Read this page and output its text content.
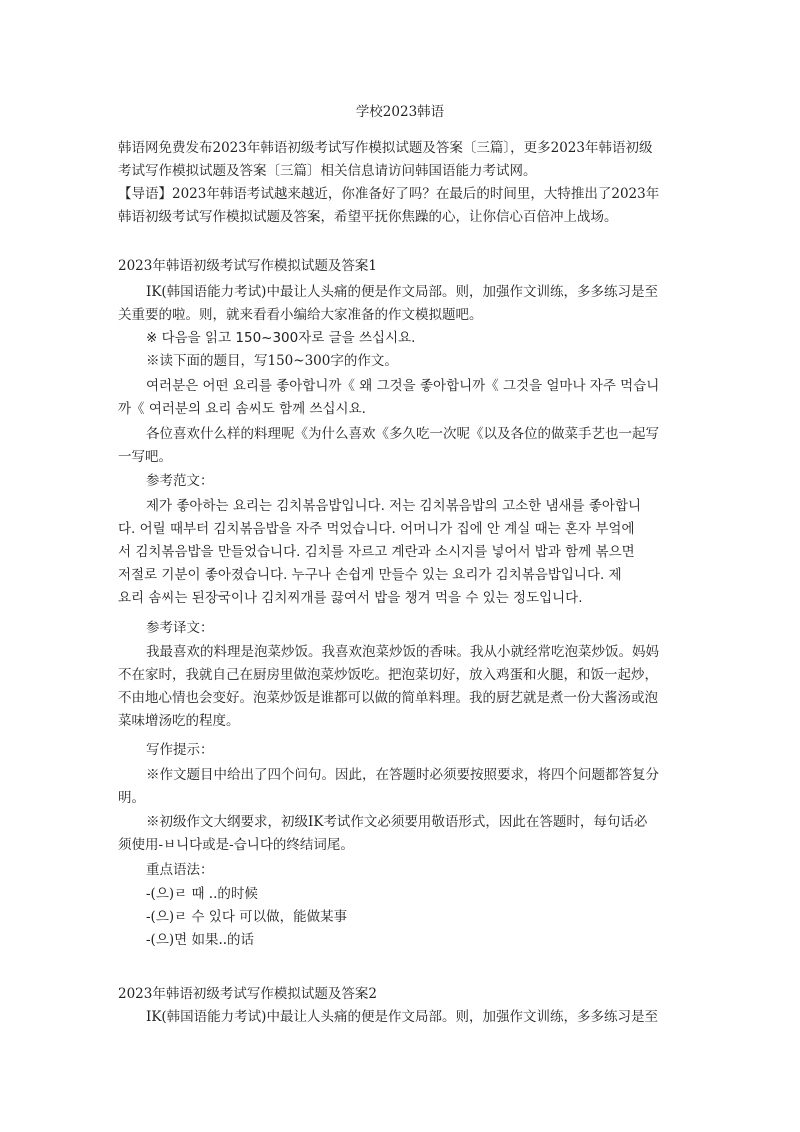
学校2023韩语
韩语网免费发布2023年韩语初级考试写作模拟试题及答案〔三篇〕，更多2023年韩语初级
考试写作模拟试题及答案〔三篇〕相关信息请访问韩国语能力考试网。
【导语】2023年韩语考试越来越近，你准备好了吗？在最后的时间里，大特推出了2023年
韩语初级考试写作模拟试题及答案，希望平抚你焦躁的心，让你信心百倍冲上战场。
2023年韩语初级考试写作模拟试题及答案1
IK(韩国语能力考试)中最让人头痛的便是作文局部。则，加强作文训练，多多练习是至
关重要的啦。则，就来看看小编给大家准备的作文模拟题吧。
※ 다음을 읽고 150~300자로 글을 쓰십시요.
※读下面的题目，写150~300字的作文。
여러분은 어떤 요리를 좋아합니까《 왜 그것을 좋아합니까《 그것을 얼마나 자주 먹습니
까《 여러분의 요리 솜씨도 함께 쓰십시요.
各位喜欢什么样的料理呢《为什么喜欢《多久吃一次呢《以及各位的做菜手艺也一起写
一写吧。
参考范文：
제가 좋아하는 요리는 김치볶음밥입니다. 저는 김치볶음밥의 고소한 냄새를 좋아합니
다. 어릴 때부터 김치볶음밥을 자주 먹었습니다. 어머니가 집에 안 계실 때는 혼자 부엌에
서 김치볶음밥을 만들었습니다. 김치를 자르고 계란과 소시지를 넣어서 밥과 함께 볶으면
저절로 기분이 좋아졌습니다. 누구나 손쉽게 만들수 있는 요리가 김치볶음밥입니다. 제
요리 솜씨는 된장국이나 김치찌개를 끓여서 밥을 챙겨 먹을 수 있는 정도입니다.
参考译文：
我最喜欢的料理是泡菜炒饭。我喜欢泡菜炒饭的香味。我从小就经常吃泡菜炒饭。妈妈
不在家时，我就自己在厨房里做泡菜炒饭吃。把泡菜切好，放入鸡蛋和火腿，和饭一起炒，
不由地心情也会变好。泡菜炒饭是谁都可以做的简单料理。我的厨艺就是煮一份大酱汤或泡
菜味增汤吃的程度。
写作提示：
※作文题目中给出了四个问句。因此，在答题时必须要按照要求，将四个问题都答复分
明。
※初级作文大纲要求，初级IK考试作文必须要用敬语形式，因此在答题时，每句话必
须使用-ㅂ니다或是-습니다的终结词尾。
重点语法：
-(으)ㄹ 때 ..的时候
-(으)ㄹ 수 있다 可以做，能做某事
-(으)면 如果..的话
2023年韩语初级考试写作模拟试题及答案2
IK(韩国语能力考试)中最让人头痛的便是作文局部。则，加强作文训练，多多练习是至
